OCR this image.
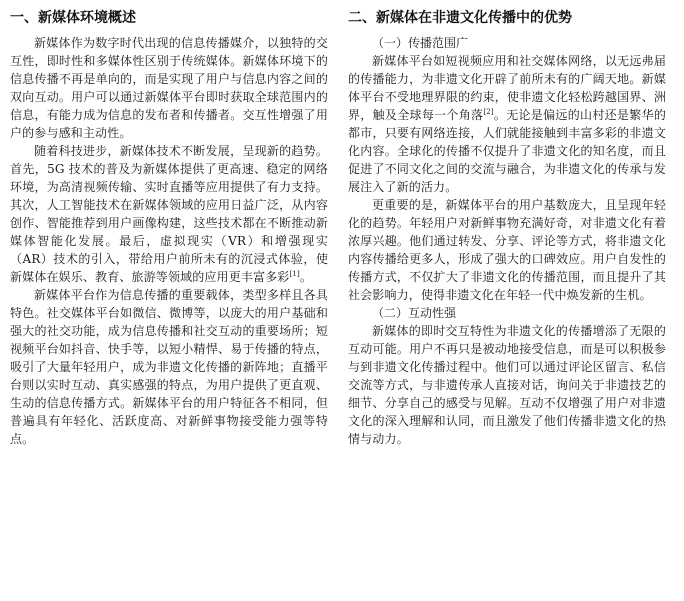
一、新媒体环境概述

新媒体作为数字时代出现的信息传播媒介，以独特的交互性，即时性和多媒体性区别于传统媒体。新媒体环境下的信息传播不再是单向的，而是实现了用户与信息内容之间的双向互动。用户可以通过新媒体平台即时获取全球范围内的信息，有能力成为信息的发布者和传播者。交互性增强了用户的参与感和主动性。

随着科技进步，新媒体技术不断发展，呈现新的趋势。首先，5G 技术的普及为新媒体提供了更高速、稳定的网络环境，为高清视频传输、实时直播等应用提供了有力支持。其次，人工智能技术在新媒体领域的应用日益广泛，从内容创作、智能推荐到用户画像构建，这些技术都在不断推动新媒体智能化发展。最后，虚拟现实（VR）和增强现实（AR）技术的引入，带给用户前所未有的沉浸式体验，使新媒体在娱乐、教育、旅游等领域的应用更丰富多彩[1]。

新媒体平台作为信息传播的重要载体，类型多样且各具特色。社交媒体平台如微信、微博等，以庞大的用户基础和强大的社交功能，成为信息传播和社交互动的重要场所；短视频平台如抖音、快手等，以短小精悍、易于传播的特点，吸引了大量年轻用户，成为非遗文化传播的新阵地；直播平台则以实时互动、真实感强的特点，为用户提供了更直观、生动的信息传播方式。新媒体平台的用户特征各不相同，但普遍具有年轻化、活跃度高、对新鲜事物接受能力强等特点。

二、新媒体在非遗文化传播中的优势

（一）传播范围广

新媒体平台如短视频应用和社交媒体网络，以无远弗届的传播能力，为非遗文化开辟了前所未有的广阔天地。新媒体平台不受地理界限的约束，使非遗文化轻松跨越国界、洲界，触及全球每一个角落[2]。无论是偏远的山村还是繁华的都市，只要有网络连接，人们就能接触到丰富多彩的非遗文化内容。全球化的传播不仅提升了非遗文化的知名度，而且促进了不同文化之间的交流与融合，为非遗文化的传承与发展注入了新的活力。

更重要的是，新媒体平台的用户基数庞大，且呈现年轻化的趋势。年轻用户对新鲜事物充满好奇，对非遗文化有着浓厚兴趣。他们通过转发、分享、评论等方式，将非遗文化内容传播给更多人，形成了强大的口碑效应。用户自发性的传播方式，不仅扩大了非遗文化的传播范围，而且提升了其社会影响力，使得非遗文化在年轻一代中焕发新的生机。

（二）互动性强

新媒体的即时交互特性为非遗文化的传播增添了无限的互动可能。用户不再只是被动地接受信息，而是可以积极参与到非遗文化传播过程中。他们可以通过评论区留言、私信交流等方式，与非遗传承人直接对话，询问关于非遗技艺的细节、分享自己的感受与见解。互动不仅增强了用户对非遗文化的深入理解和认同，而且激发了他们传播非遗文化的热情与动力。
